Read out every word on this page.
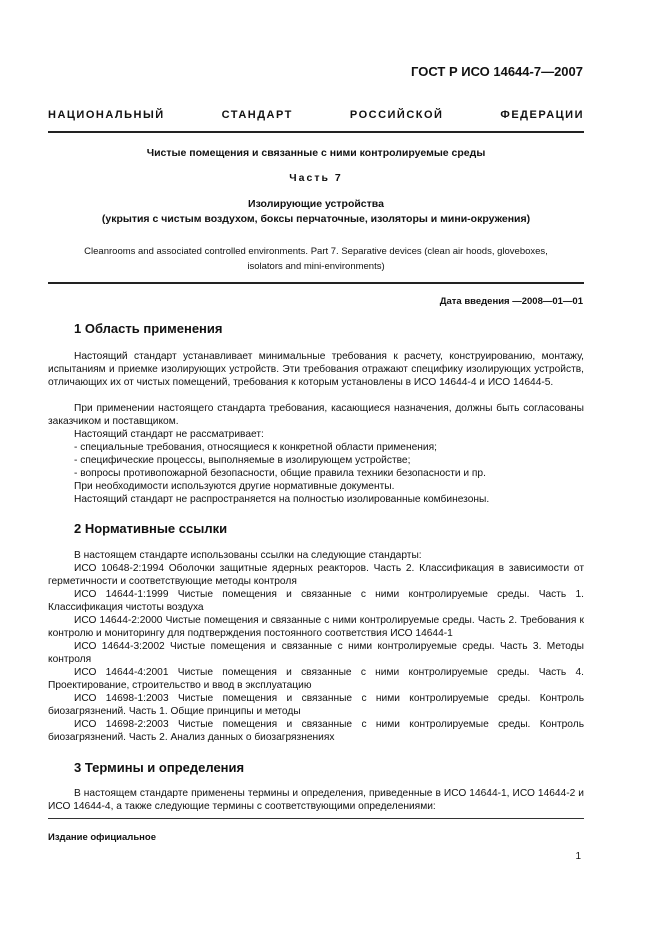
ГОСТ Р ИСО 14644-7—2007
НАЦИОНАЛЬНЫЙ СТАНДАРТ РОССИЙСКОЙ ФЕДЕРАЦИИ
Чистые помещения и связанные с ними контролируемые среды
Часть 7
Изолирующие устройства
(укрытия с чистым воздухом, боксы перчаточные, изоляторы и мини-окружения)
Cleanrooms and associated controlled environments. Part 7. Separative devices (clean air hoods, gloveboxes,
isolators and mini-environments)
Дата введения —2008—01—01
1 Область применения

Настоящий стандарт устанавливает минимальные требования к расчету, конструированию, монтажу, испытаниям и приемке изолирующих устройств. Эти требования отражают специфику изолирующих устройств, отличающих их от чистых помещений, требования к которым установлены в ИСО 14644-4 и ИСО 14644-5.

При применении настоящего стандарта требования, касающиеся назначения, должны быть согласованы заказчиком и поставщиком.

Настоящий стандарт не рассматривает:

- специальные требования, относящиеся к конкретной области применения;

- специфические процессы, выполняемые в изолирующем устройстве;

- вопросы противопожарной безопасности, общие правила техники безопасности и пр.

При необходимости используются другие нормативные документы.

Настоящий стандарт не распространяется на полностью изолированные комбинезоны.

2 Нормативные ссылки

В настоящем стандарте использованы ссылки на следующие стандарты:

ИСО 10648-2:1994 Оболочки защитные ядерных реакторов. Часть 2. Классификация в зависимости от герметичности и соответствующие методы контроля

ИСО 14644-1:1999 Чистые помещения и связанные с ними контролируемые среды. Часть 1. Классификация чистоты воздуха

ИСО 14644-2:2000 Чистые помещения и связанные с ними контролируемые среды. Часть 2. Требования к контролю и мониторингу для подтверждения постоянного соответствия ИСО 14644-1

ИСО 14644-3:2002 Чистые помещения и связанные с ними контролируемые среды. Часть 3. Методы контроля

ИСО 14644-4:2001 Чистые помещения и связанные с ними контролируемые среды. Часть 4. Проектирование, строительство и ввод в эксплуатацию

ИСО 14698-1:2003 Чистые помещения и связанные с ними контролируемые среды. Контроль биозагрязнений. Часть 1. Общие принципы и методы

ИСО 14698-2:2003 Чистые помещения и связанные с ними контролируемые среды. Контроль биозагрязнений. Часть 2. Анализ данных о биозагрязнениях

3 Термины и определения

В настоящем стандарте применены термины и определения, приведенные в ИСО 14644-1, ИСО 14644-2 и ИСО 14644-4, а также следующие термины с соответствующими определениями:

Издание официальное
1
